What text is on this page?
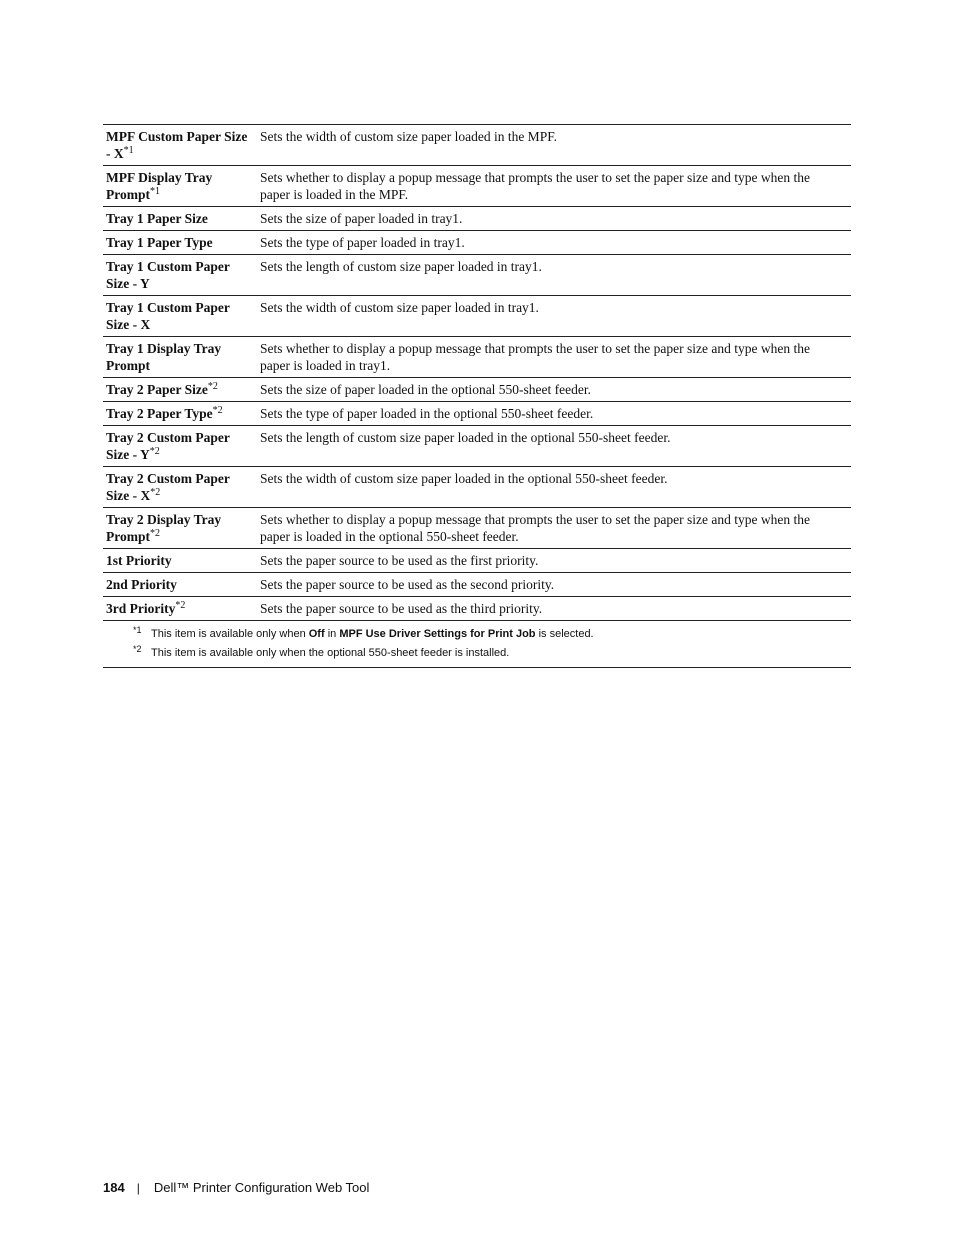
MPF Custom Paper Size - $X^{*1}$	Sets the width of custom size paper loaded in the MPF.
MPF Display Tray Prompt$^{*1}$	Sets whether to display a popup message that prompts the user to set the paper size and type when the paper is loaded in the MPF.
Tray 1 Paper Size	Sets the size of paper loaded in tray1.
Tray 1 Paper Type	Sets the type of paper loaded in tray1.
Tray 1 Custom Paper Size - Y	Sets the length of custom size paper loaded in tray1.
Tray 1 Custom Paper Size - X	Sets the width of custom size paper loaded in tray1.
Tray 1 Display Tray Prompt	Sets whether to display a popup message that prompts the user to set the paper size and type when the paper is loaded in tray1.
Tray 2 Paper Size$^{*2}$	Sets the size of paper loaded in the optional 550-sheet feeder.
Tray 2 Paper Type$^{*2}$	Sets the type of paper loaded in the optional 550-sheet feeder.
Tray 2 Custom Paper Size - $Y^{*2}$	Sets the length of custom size paper loaded in the optional 550-sheet feeder.
Tray 2 Custom Paper Size - $X^{*2}$	Sets the width of custom size paper loaded in the optional 550-sheet feeder.
Tray 2 Display Tray Prompt$^{*2}$	Sets whether to display a popup message that prompts the user to set the paper size and type when the paper is loaded in the optional 550-sheet feeder.
1st Priority	Sets the paper source to be used as the first priority.
2nd Priority	Sets the paper source to be used as the second priority.
3rd Priority$^{*2}$	Sets the paper source to be used as the third priority.

*1 This item is available only when Off in MPF Use Driver Settings for Print Job is selected.
*2 This item is available only when the optional 550-sheet feeder is installed.	
184 | Dell™ Printer Configuration Web Tool
